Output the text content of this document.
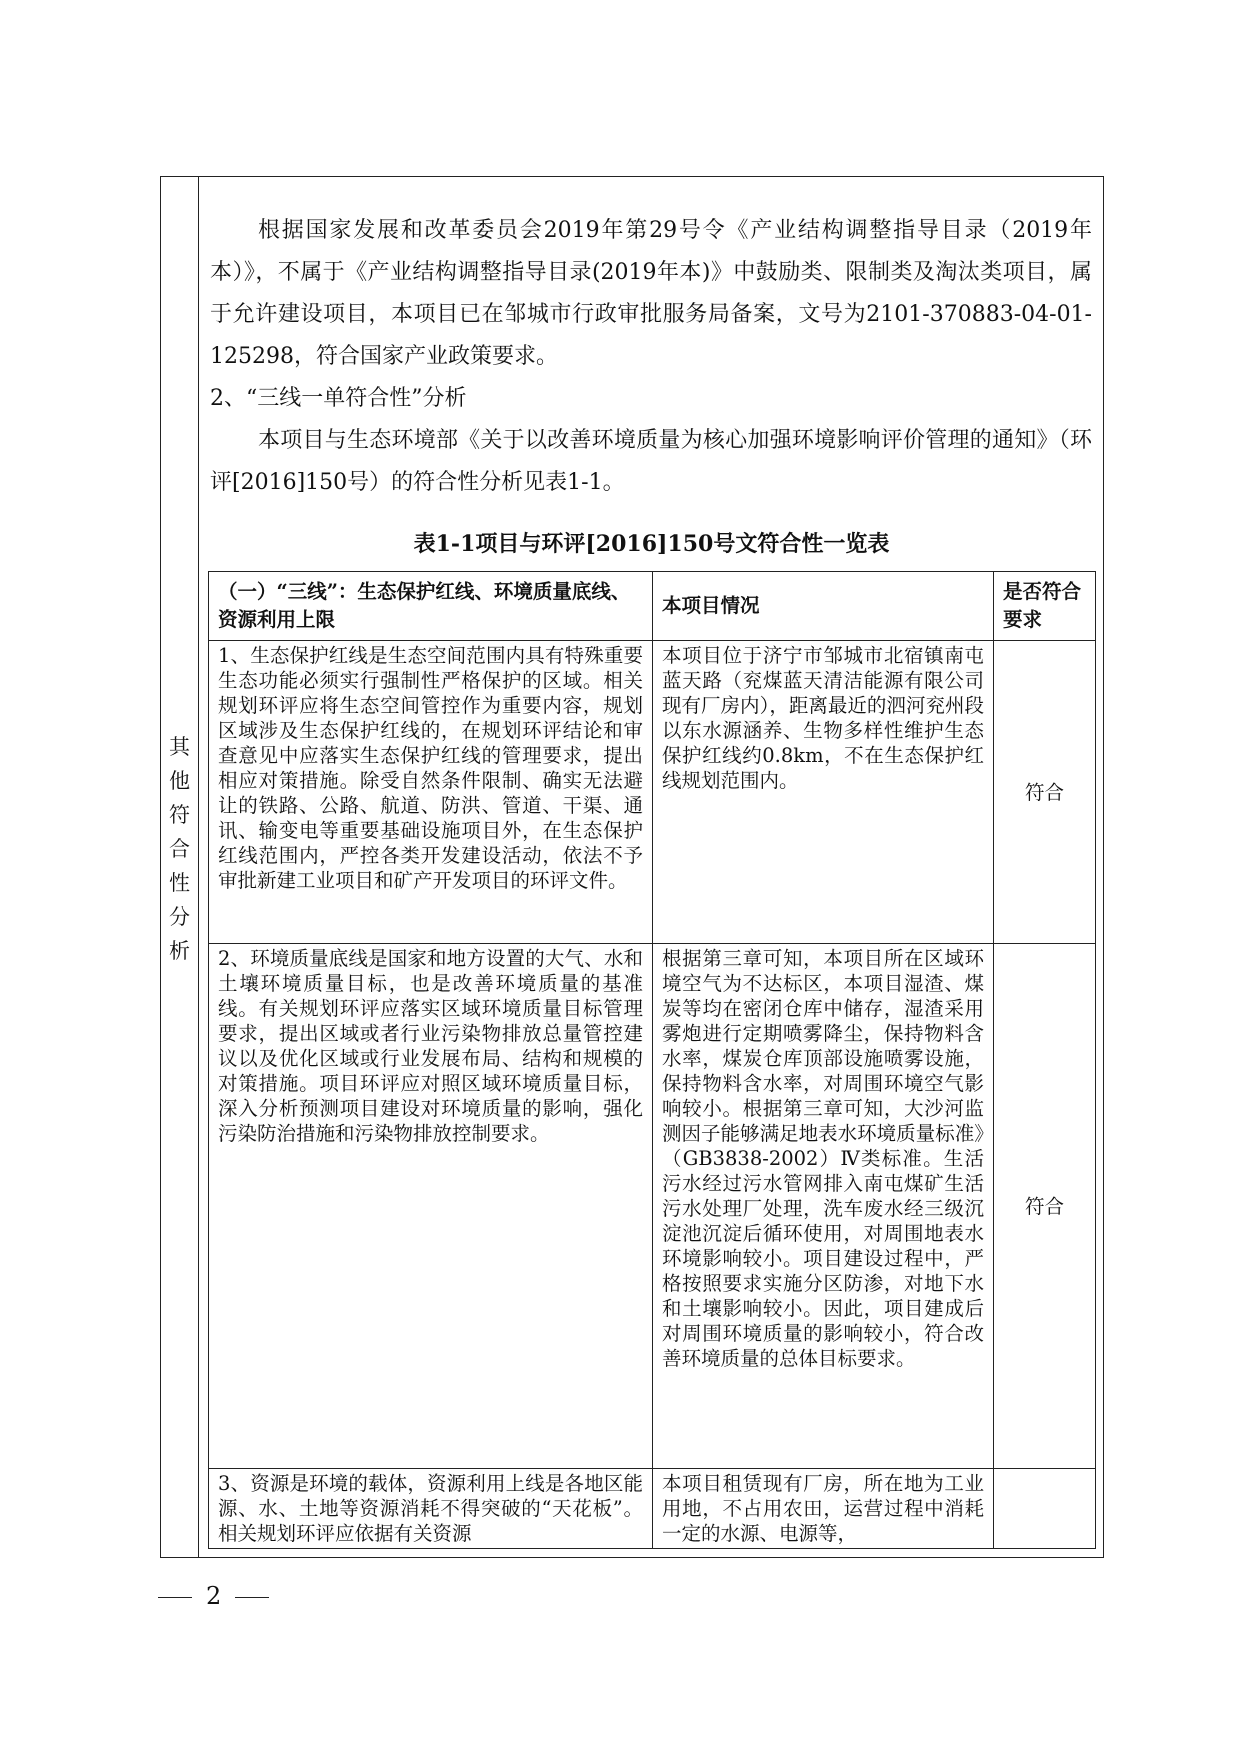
其
他
符
合
性
分
析

根据国家发展和改革委员会2019年第29号令《产业结构调整指导目录（2019年本）》，不属于《产业结构调整指导目录(2019年本)》中鼓励类、限制类及淘汰类项目，属于允许建设项目，本项目已在邹城市行政审批服务局备案，文号为2101-370883-04-01-125298，符合国家产业政策要求。

2、“三线一单符合性”分析

本项目与生态环境部《关于以改善环境质量为核心加强环境影响评价管理的通知》（环评[2016]150号）的符合性分析见表1-1。

表1-1项目与环评[2016]150号文符合性一览表
（一）“三线”：生态保护红线、环境质量底线、资源利用上限	本项目情况	是否符合要求
1、生态保护红线是生态空间范围内具有特殊重要生态功能必须实行强制性严格保护的区域。相关规划环评应将生态空间管控作为重要内容，规划区域涉及生态保护红线的，在规划环评结论和审查意见中应落实生态保护红线的管理要求，提出相应对策措施。除受自然条件限制、确实无法避让的铁路、公路、航道、防洪、管道、干渠、通讯、输变电等重要基础设施项目外，在生态保护红线范围内，严控各类开发建设活动，依法不予审批新建工业项目和矿产开发项目的环评文件。	本项目位于济宁市邹城市北宿镇南屯蓝天路（兖煤蓝天清洁能源有限公司现有厂房内），距离最近的泗河兖州段以东水源涵养、生物多样性维护生态保护红线约0.8km，不在生态保护红线规划范围内。	符合
2、环境质量底线是国家和地方设置的大气、水和土壤环境质量目标，也是改善环境质量的基准线。有关规划环评应落实区域环境质量目标管理要求，提出区域或者行业污染物排放总量管控建议以及优化区域或行业发展布局、结构和规模的对策措施。项目环评应对照区域环境质量目标，深入分析预测项目建设对环境质量的影响，强化污染防治措施和污染物排放控制要求。	根据第三章可知，本项目所在区域环境空气为不达标区，本项目湿渣、煤炭等均在密闭仓库中储存，湿渣采用雾炮进行定期喷雾降尘，保持物料含水率，煤炭仓库顶部设施喷雾设施，保持物料含水率，对周围环境空气影响较小。根据第三章可知，大沙河监测因子能够满足地表水环境质量标准》（GB3838-2002）Ⅳ类标准。生活污水经过污水管网排入南屯煤矿生活污水处理厂处理，洗车废水经三级沉淀池沉淀后循环使用，对周围地表水环境影响较小。项目建设过程中，严格按照要求实施分区防渗，对地下水和土壤影响较小。因此，项目建成后对周围环境质量的影响较小，符合改善环境质量的总体目标要求。	符合
3、资源是环境的载体，资源利用上线是各地区能源、水、土地等资源消耗不得突破的“天花板”。相关规划环评应依据有关资源	本项目租赁现有厂房，所在地为工业用地，不占用农田，运营过程中消耗一定的水源、电源等，	
2
